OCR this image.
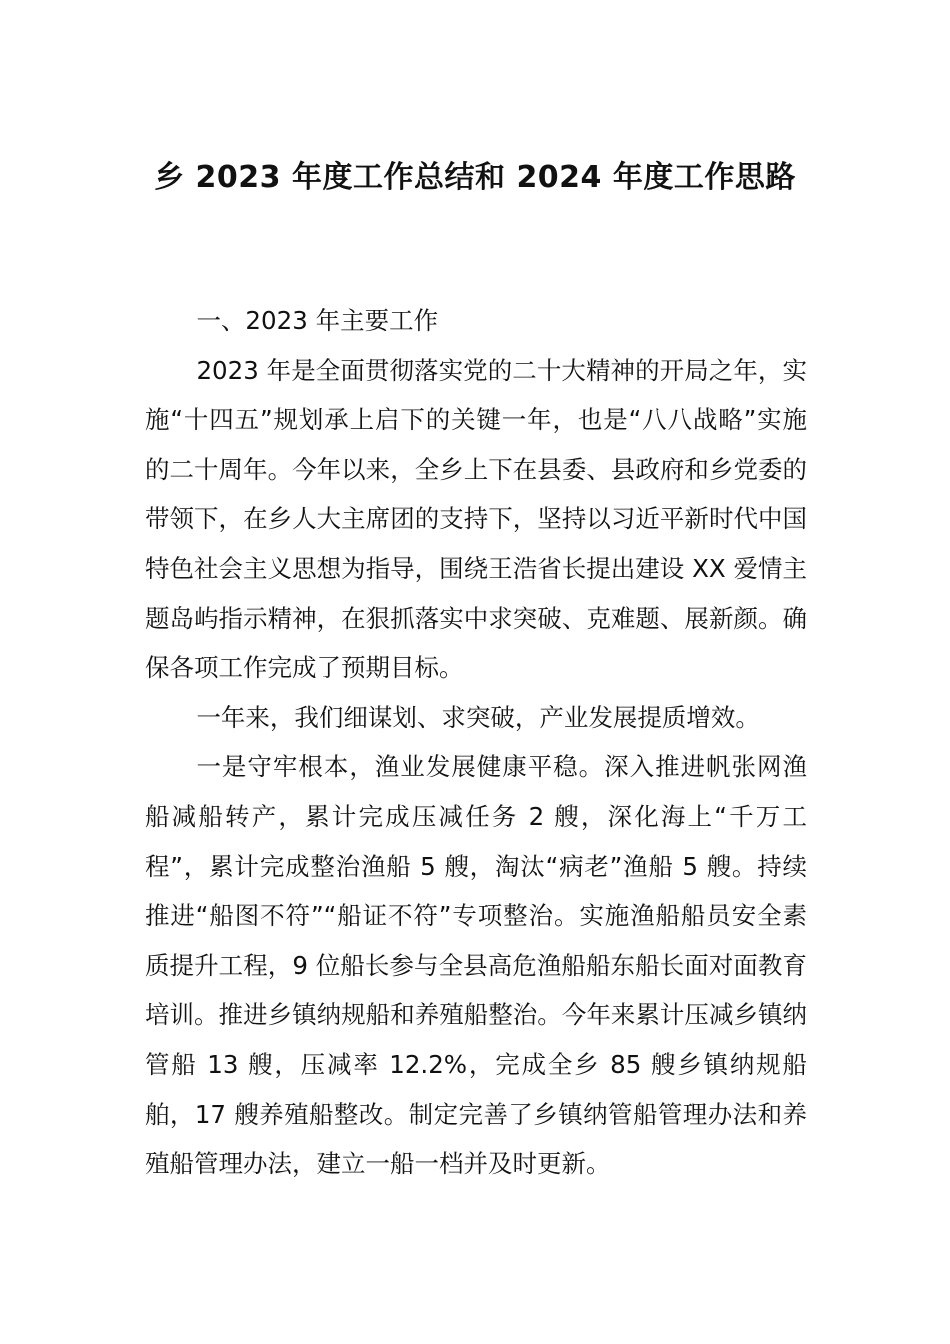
乡 2023 年度工作总结和 2024 年度工作思路

一、2023 年主要工作

2023 年是全面贯彻落实党的二十大精神的开局之年，实施“十四五”规划承上启下的关键一年，也是“八八战略”实施的二十周年。今年以来，全乡上下在县委、县政府和乡党委的带领下，在乡人大主席团的支持下，坚持以习近平新时代中国特色社会主义思想为指导，围绕王浩省长提出建设 XX 爱情主题岛屿指示精神，在狠抓落实中求突破、克难题、展新颜。确保各项工作完成了预期目标。

一年来，我们细谋划、求突破，产业发展提质增效。

一是守牢根本，渔业发展健康平稳。深入推进帆张网渔船减船转产，累计完成压减任务 2 艘，深化海上“千万工程”，累计完成整治渔船 5 艘，淘汰“病老”渔船 5 艘。持续推进“船图不符”“船证不符”专项整治。实施渔船船员安全素质提升工程，9 位船长参与全县高危渔船船东船长面对面教育培训。推进乡镇纳规船和养殖船整治。今年来累计压减乡镇纳管船 13 艘，压减率 12.2%，完成全乡 85 艘乡镇纳规船舶，17 艘养殖船整改。制定完善了乡镇纳管船管理办法和养殖船管理办法，建立一船一档并及时更新。
